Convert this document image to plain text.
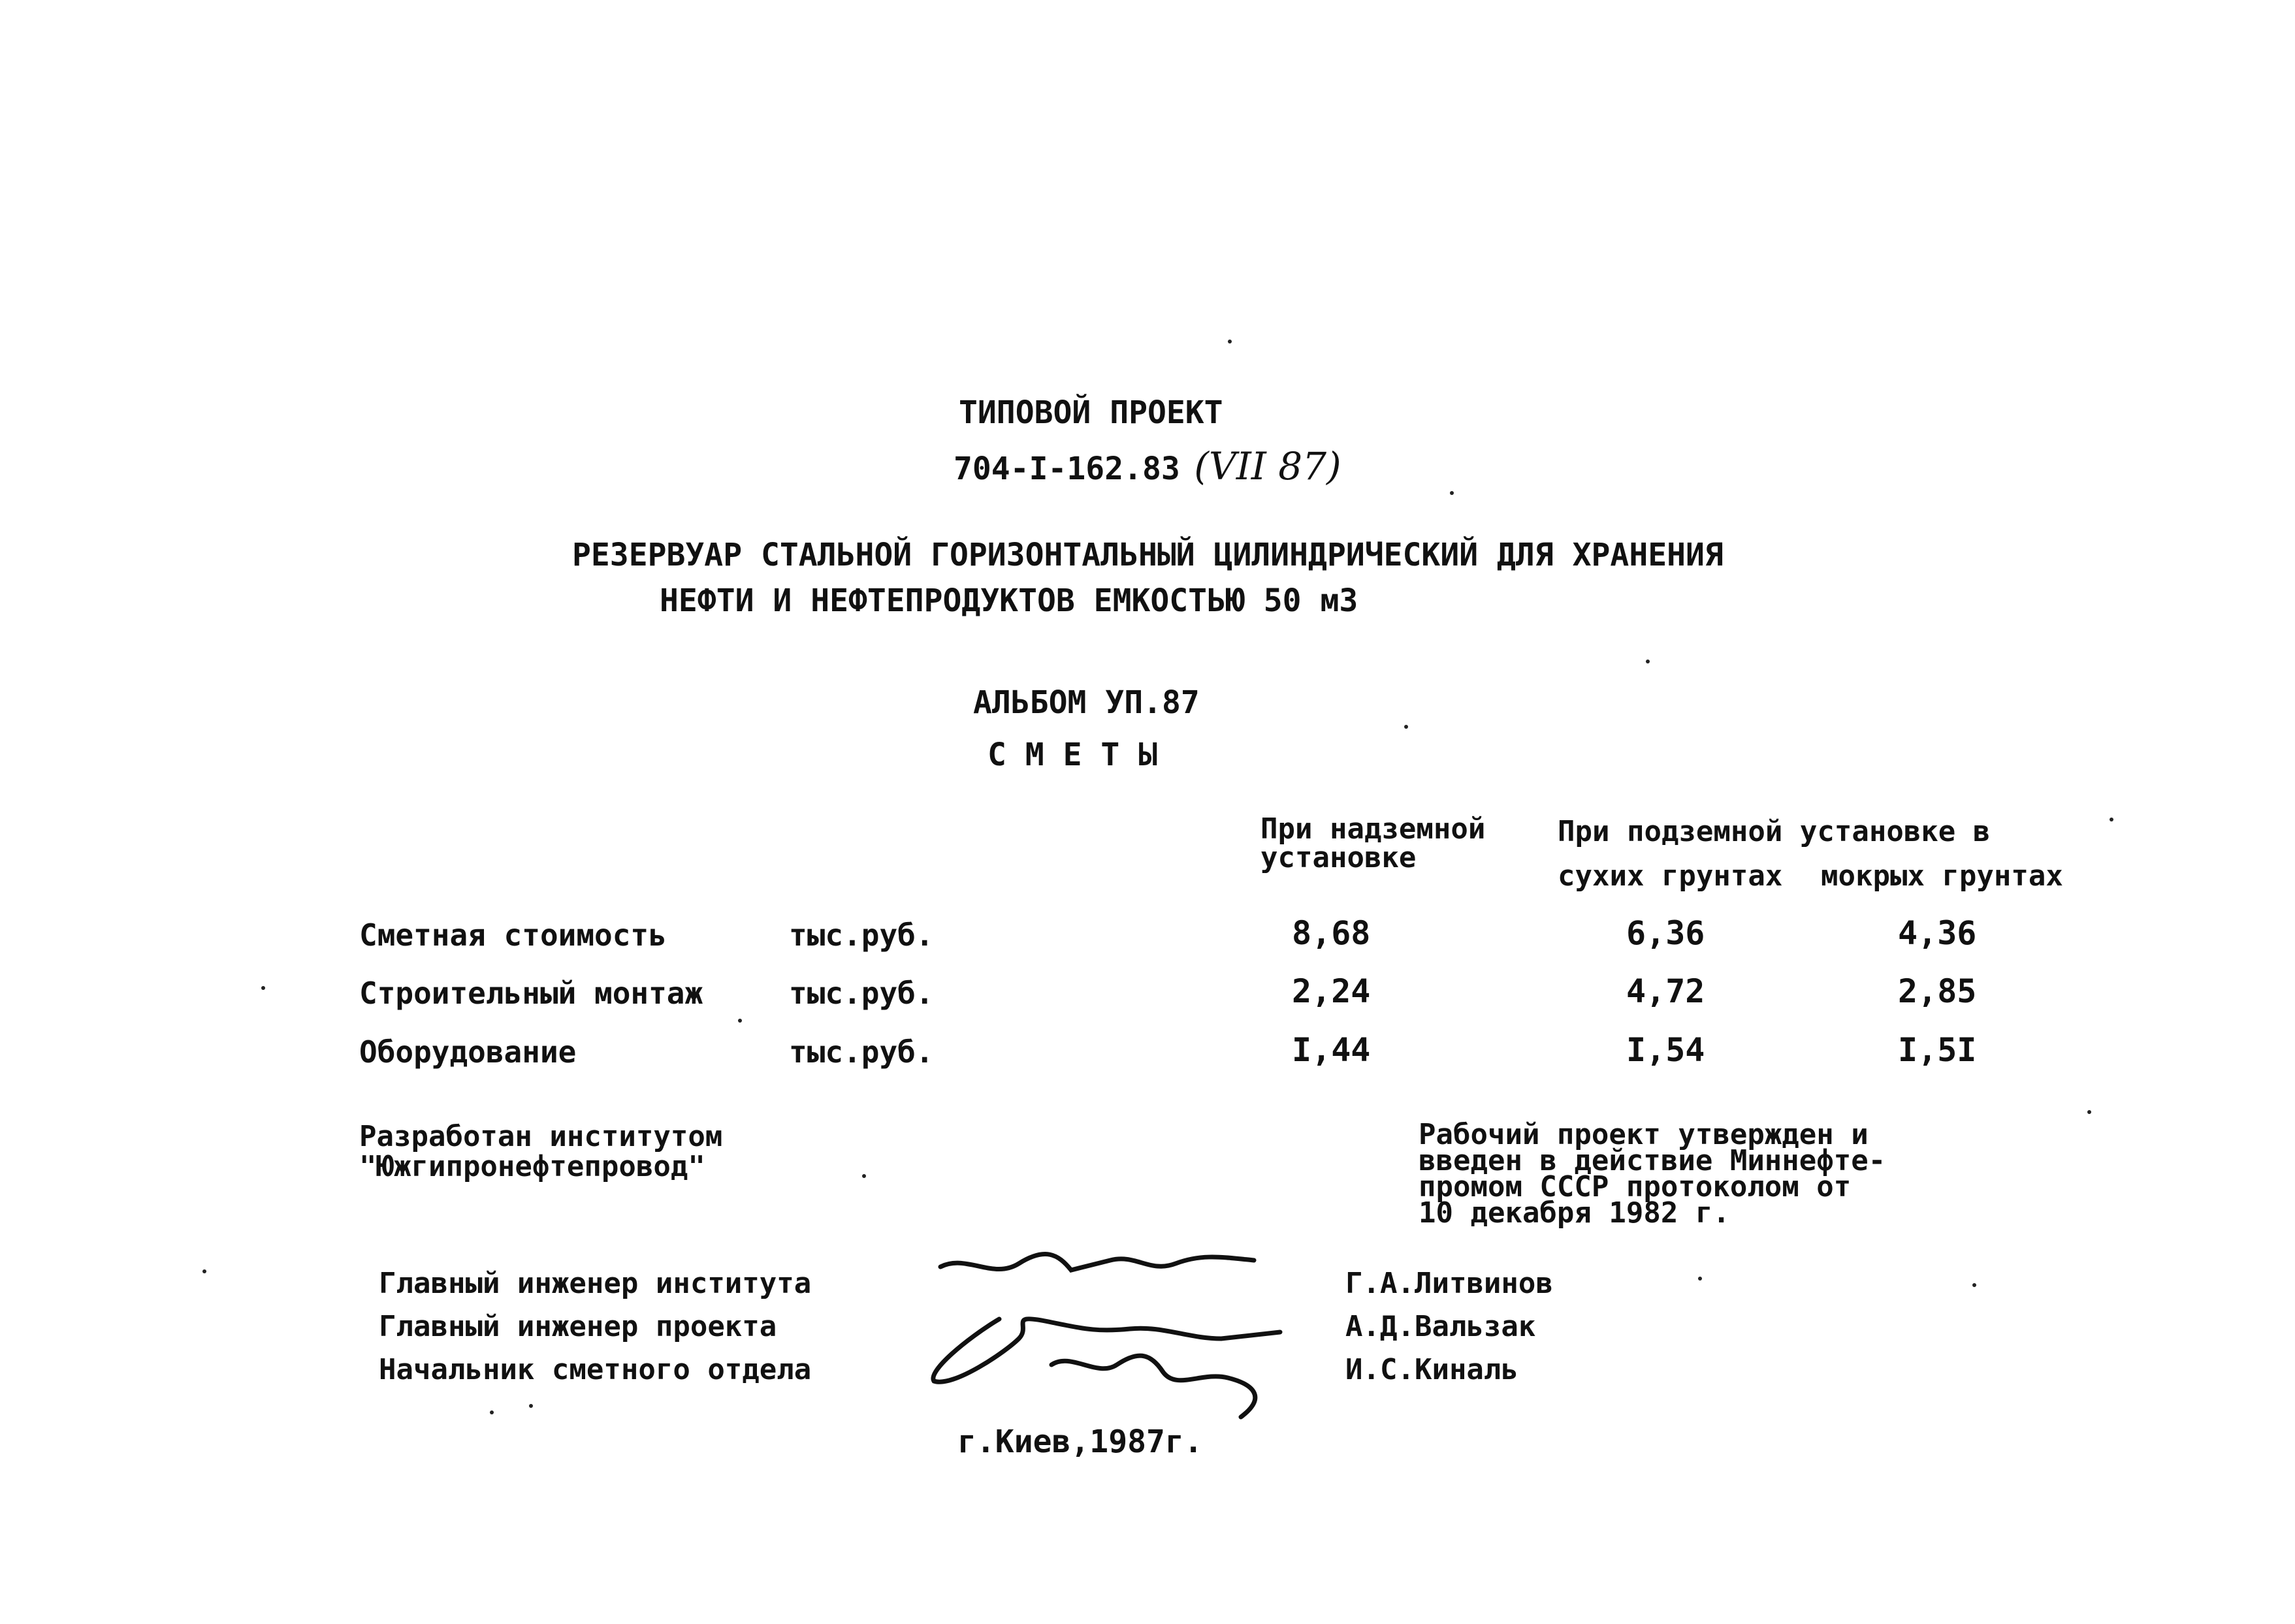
ТИПОВОЙ ПРОЕКТ
704-I-162.83 (VII 87)
РЕЗЕРВУАР СТАЛЬНОЙ ГОРИЗОНТАЛЬНЫЙ ЦИЛИНДРИЧЕСКИЙ ДЛЯ ХРАНЕНИЯ
НЕФТИ И НЕФТЕПРОДУКТОВ ЕМКОСТЬЮ 50 м3
АЛЬБОМ УП.87
С М Е Т Ы
При надземной
установке
При подземной установке в
сухих грунтах мокрых грунтах
Сметная стоимость	тыс.руб.	8,68	6,36	4,36
Строительный монтаж	тыс.руб.	2,24	4,72	2,85
Оборудование	тыс.руб.	I,44	I,54	I,5I
Разработан институтом
"Южгипронефтепровод"
Рабочий проект утвержден и
введен в действие Миннефте-
промом СССР протоколом от
10 декабря 1982 г.
Главный инженер института
Главный инженер проекта
Начальник сметного отдела
Г.А.Литвинов
А.Д.Вальзак
И.С.Киналь
г.Киев,1987г.
